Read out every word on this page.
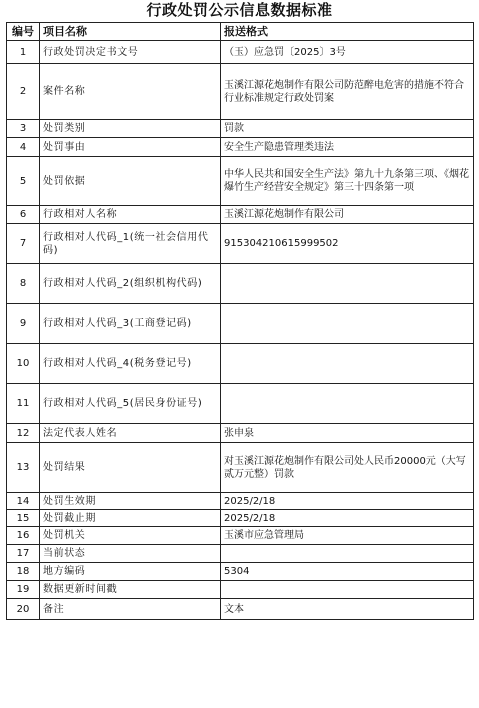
行政处罚公示信息数据标准
编号	项目名称	报送格式
1	行政处罚决定书文号	（玉）应急罚〔2025〕3号
2	案件名称	玉溪江源花炮制作有限公司防范醉电危害的措施不符合行业标准规定行政处罚案
3	处罚类别	罚款
4	处罚事由	安全生产隐患管理类违法
5	处罚依据	中华人民共和国安全生产法》第九十九条第三项、《烟花爆竹生产经营安全规定》第三十四条第一项
6	行政相对人名称	玉溪江源花炮制作有限公司
7	行政相对人代码_1(统一社会信用代码)	915304210615999502
8	行政相对人代码_2(组织机构代码)	
9	行政相对人代码_3(工商登记码)	
10	行政相对人代码_4(税务登记号)	
11	行政相对人代码_5(居民身份证号)	
12	法定代表人姓名	张申泉
13	处罚结果	对玉溪江源花炮制作有限公司处人民币20000元（大写贰万元整）罚款
14	处罚生效期	2025/2/18
15	处罚截止期	2025/2/18
16	处罚机关	玉溪市应急管理局
17	当前状态	
18	地方编码	5304
19	数据更新时间戳	
20	备注	文本
